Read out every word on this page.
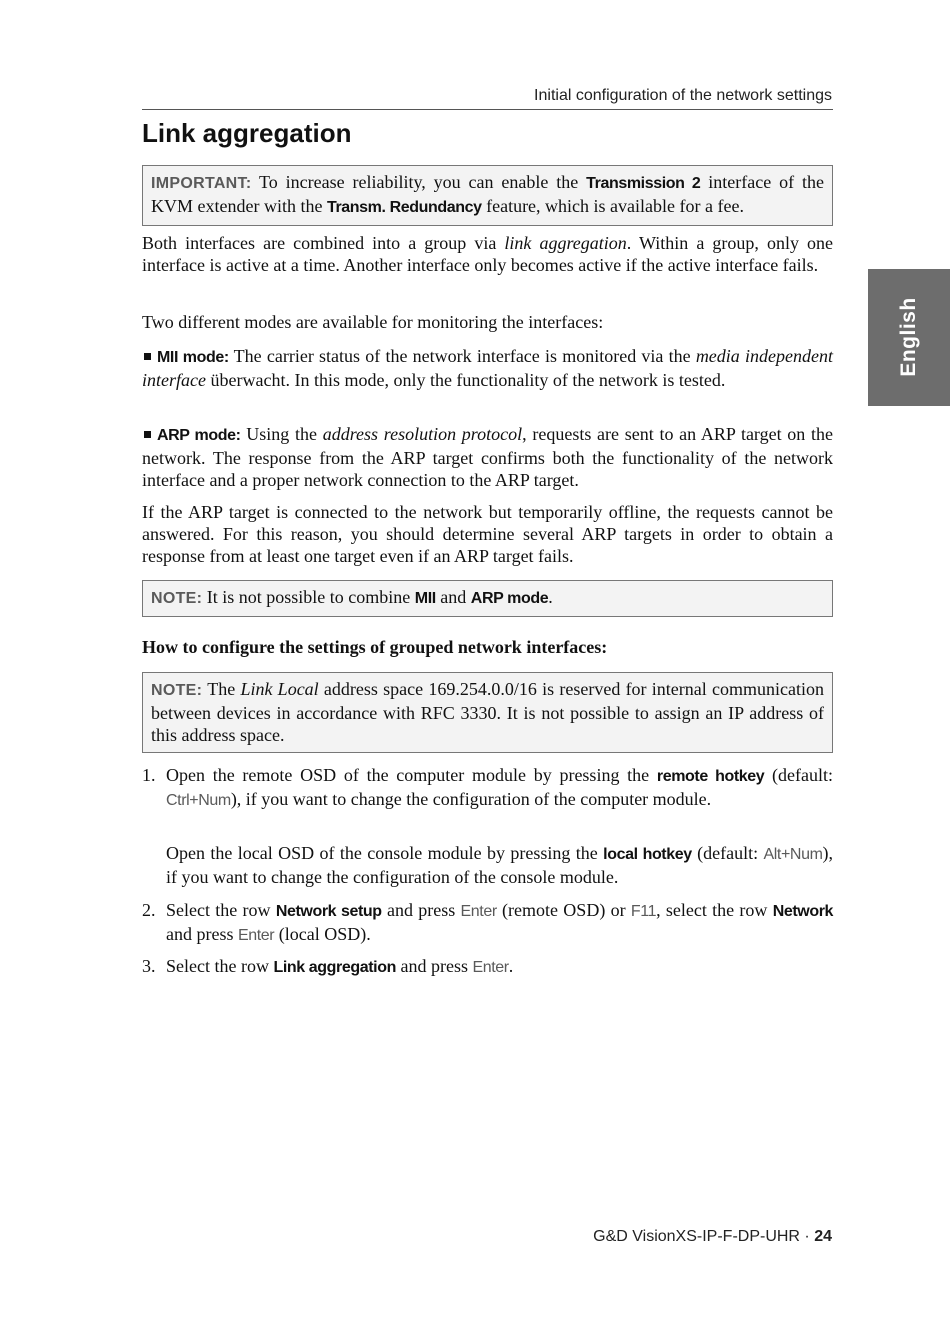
Initial configuration of the network settings
Link aggregation
English
IMPORTANT: To increase reliability, you can enable the Transmission 2 interface of the KVM extender with the Transm. Redundancy feature, which is available for a fee.

Both interfaces are combined into a group via link aggregation. Within a group, only one interface is active at a time. Another interface only becomes active if the active interface fails.

Two different modes are available for monitoring the interfaces:

MII mode: The carrier status of the network interface is monitored via the media independent interface überwacht. In this mode, only the functionality of the network is tested.

ARP mode: Using the address resolution protocol, requests are sent to an ARP target on the network. The response from the ARP target confirms both the functionality of the network interface and a proper network connection to the ARP target.

If the ARP target is connected to the network but temporarily offline, the requests cannot be answered. For this reason, you should determine several ARP targets in order to obtain a response from at least one target even if an ARP target fails.

NOTE: It is not possible to combine MII and ARP mode.

How to configure the settings of grouped network interfaces:

NOTE: The Link Local address space 169.254.0.0/16 is reserved for internal communication between devices in accordance with RFC 3330. It is not possible to assign an IP address of this address space.
1. Open the remote OSD of the computer module by pressing the remote hotkey (default: Ctrl+Num), if you want to change the configuration of the computer module.

Open the local OSD of the console module by pressing the local hotkey (default: Alt+Num), if you want to change the configuration of the console module.

2. Select the row Network setup and press Enter (remote OSD) or F11, select the row Network and press Enter (local OSD).

3. Select the row Link aggregation and press Enter.

G&D VisionXS-IP-F-DP-UHR · 24
